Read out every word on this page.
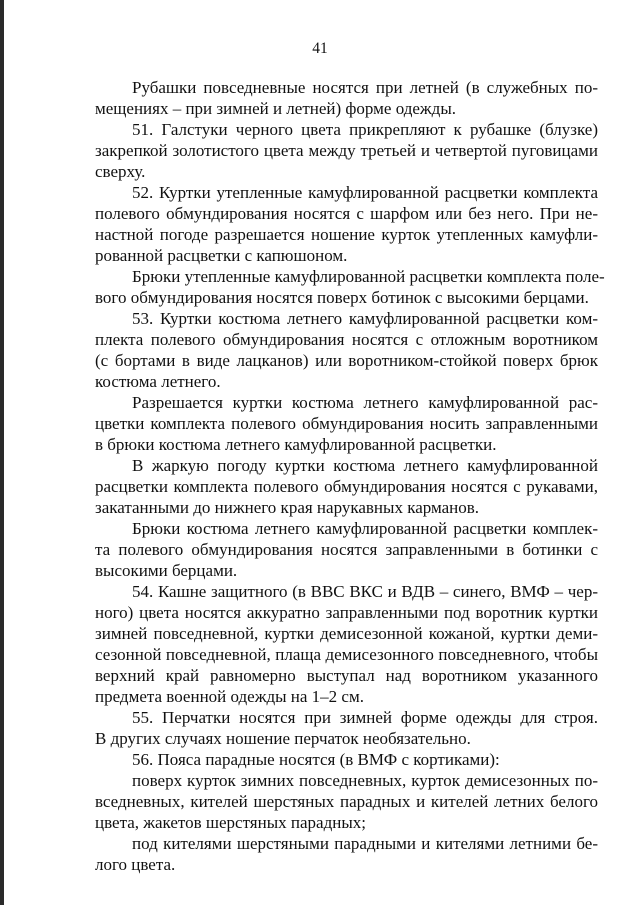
41
Рубашки повседневные носятся при летней (в служебных по-
мещениях – при зимней и летней) форме одежды.
51. Галстуки черного цвета прикрепляют к рубашке (блузке)
закрепкой золотистого цвета между третьей и четвертой пуговицами
сверху.
52. Куртки утепленные камуфлированной расцветки комплекта
полевого обмундирования носятся с шарфом или без него. При не-
настной погоде разрешается ношение курток утепленных камуфли-
рованной расцветки с капюшоном.
Брюки утепленные камуфлированной расцветки комплекта поле-
вого обмундирования носятся поверх ботинок с высокими берцами.
53. Куртки костюма летнего камуфлированной расцветки ком-
плекта полевого обмундирования носятся с отложным воротником
(с бортами в виде лацканов) или воротником-стойкой поверх брюк
костюма летнего.
Разрешается куртки костюма летнего камуфлированной рас-
цветки комплекта полевого обмундирования носить заправленными
в брюки костюма летнего камуфлированной расцветки.
В жаркую погоду куртки костюма летнего камуфлированной
расцветки комплекта полевого обмундирования носятся с рукавами,
закатанными до нижнего края нарукавных карманов.
Брюки костюма летнего камуфлированной расцветки комплек-
та полевого обмундирования носятся заправленными в ботинки с
высокими берцами.
54. Кашне защитного (в ВВС ВКС и ВДВ – синего, ВМФ – чер-
ного) цвета носятся аккуратно заправленными под воротник куртки
зимней повседневной, куртки демисезонной кожаной, куртки деми-
сезонной повседневной, плаща демисезонного повседневного, чтобы
верхний край равномерно выступал над воротником указанного
предмета военной одежды на 1–2 см.
55. Перчатки носятся при зимней форме одежды для строя.
В других случаях ношение перчаток необязательно.
56. Пояса парадные носятся (в ВМФ с кортиками):
поверх курток зимних повседневных, курток демисезонных по-
вседневных, кителей шерстяных парадных и кителей летних белого
цвета, жакетов шерстяных парадных;
под кителями шерстяными парадными и кителями летними бе-
лого цвета.
